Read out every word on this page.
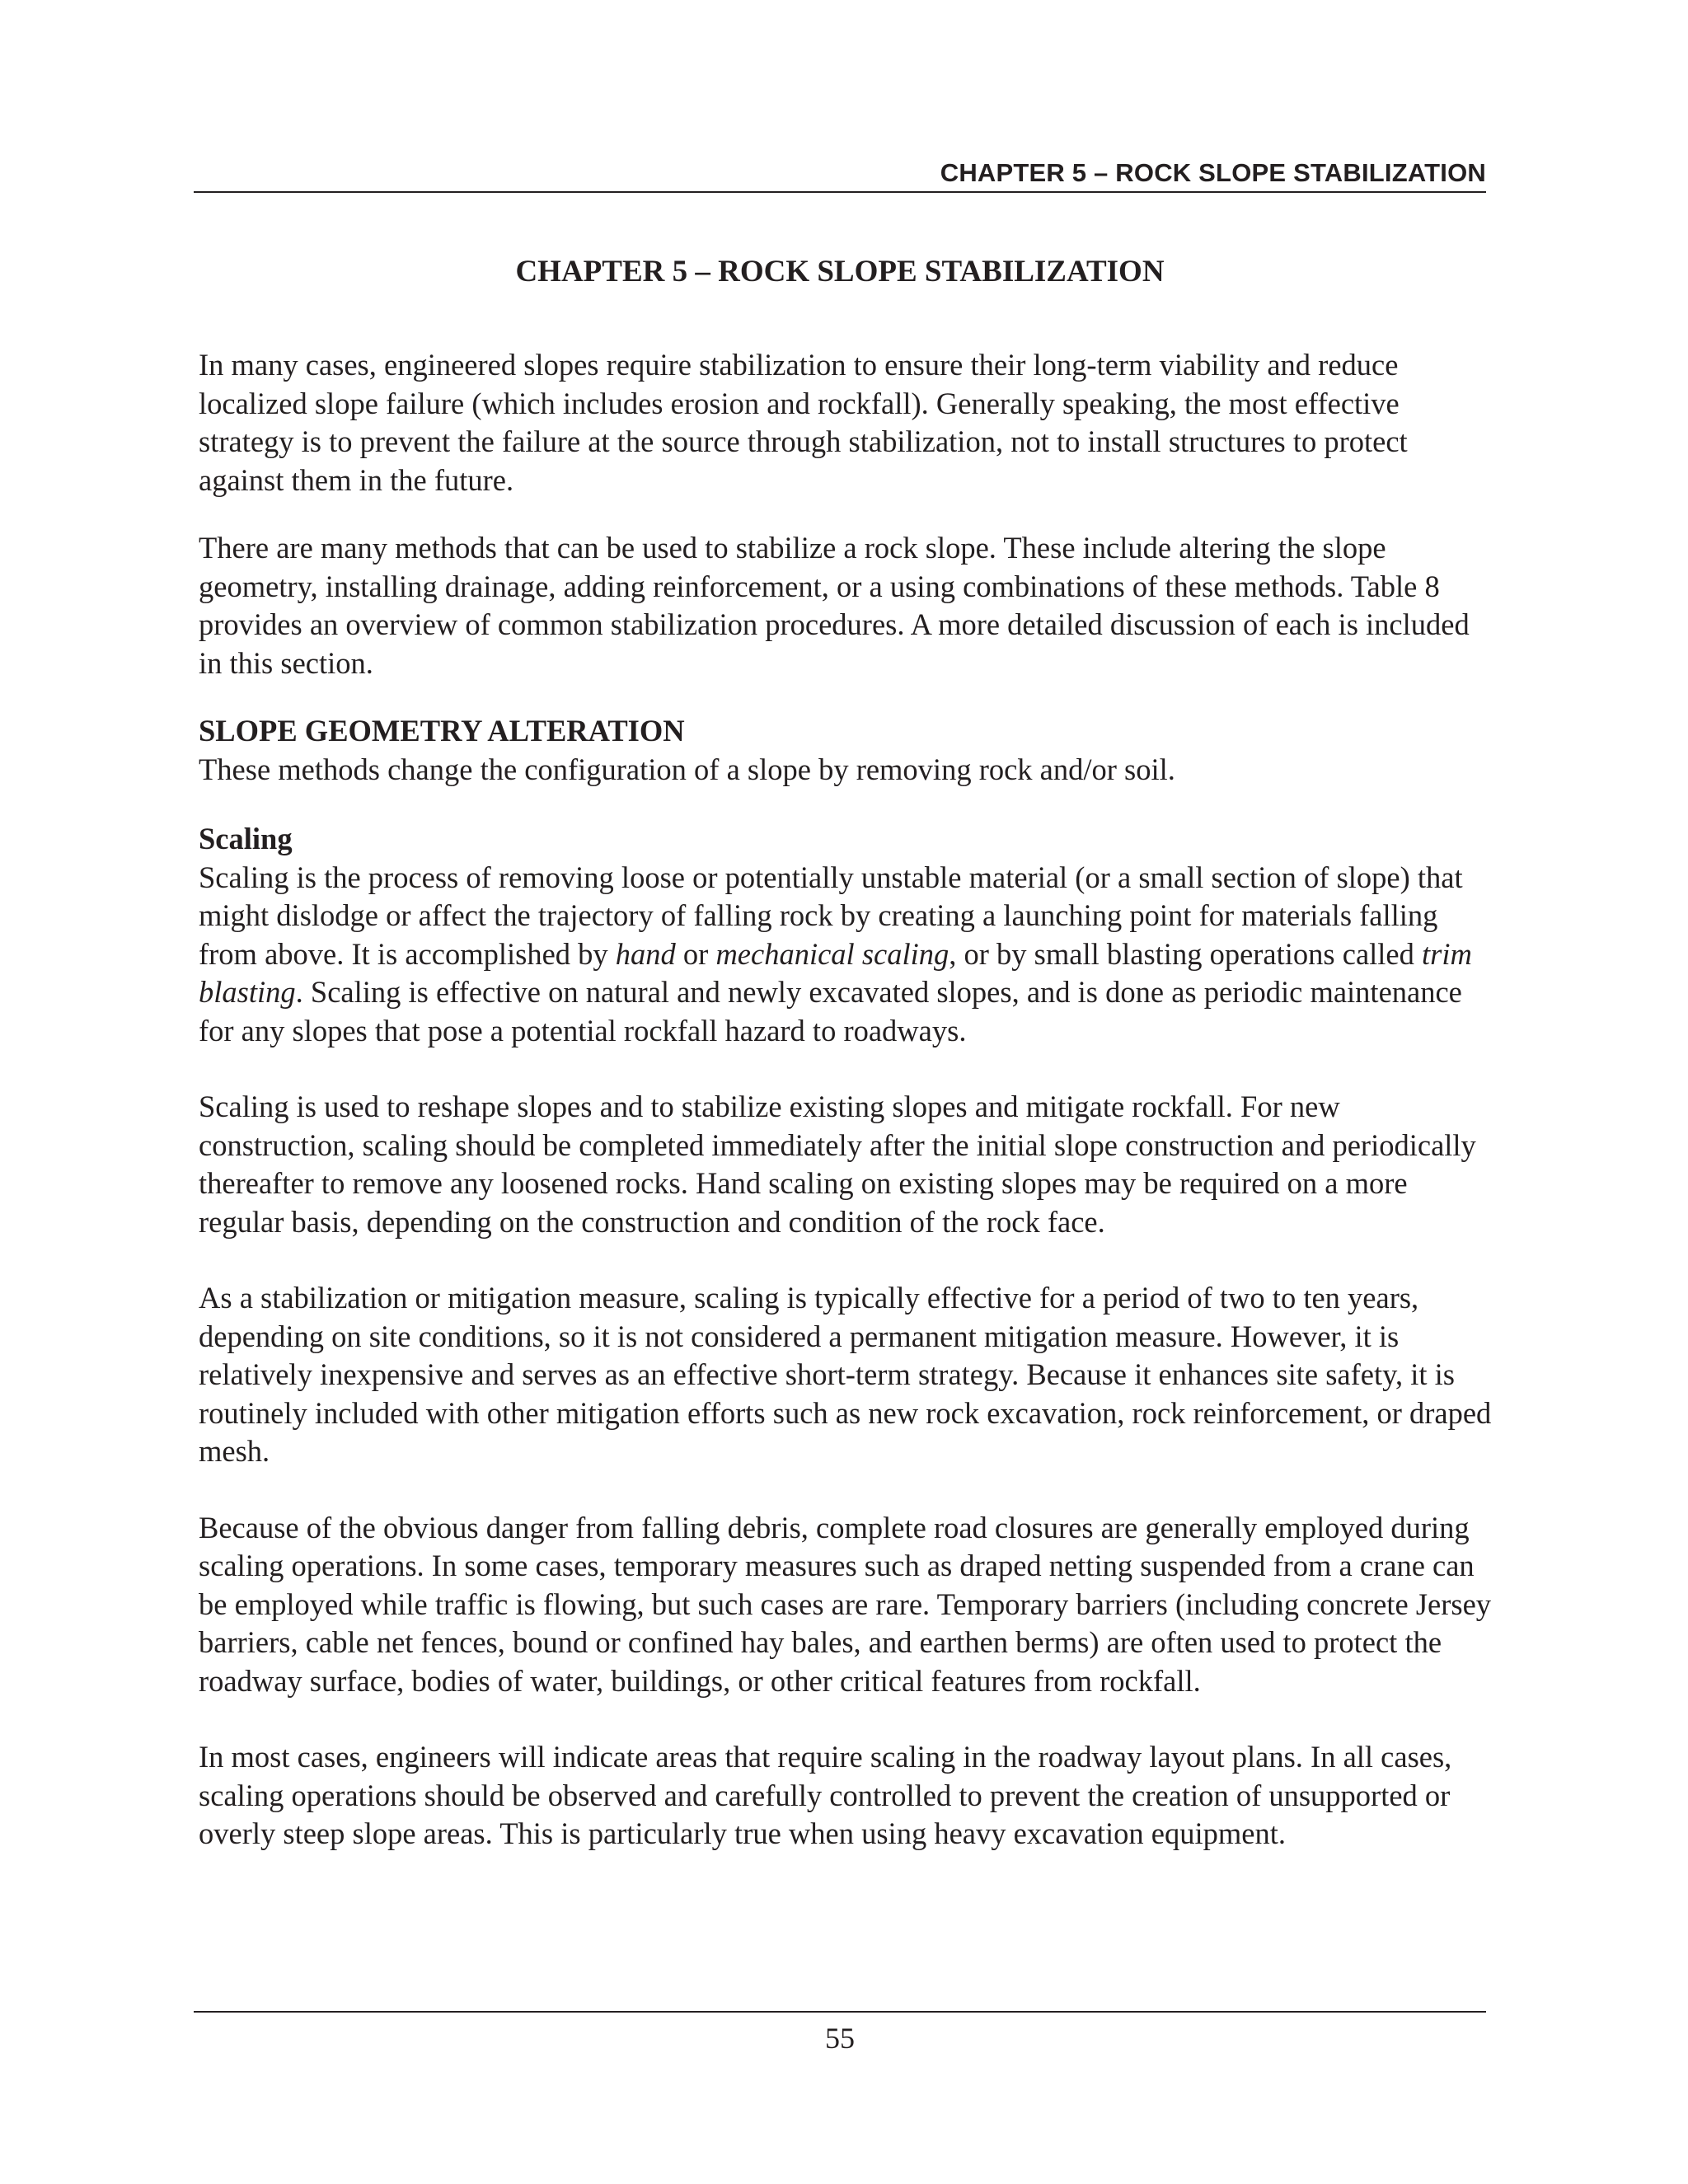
CHAPTER 5 – ROCK SLOPE STABILIZATION
CHAPTER 5 – ROCK SLOPE STABILIZATION

In many cases, engineered slopes require stabilization to ensure their long-term viability and reduce localized slope failure (which includes erosion and rockfall). Generally speaking, the most effective strategy is to prevent the failure at the source through stabilization, not to install structures to protect against them in the future.

There are many methods that can be used to stabilize a rock slope. These include altering the slope geometry, installing drainage, adding reinforcement, or a using combinations of these methods. Table 8 provides an overview of common stabilization procedures. A more detailed discussion of each is included in this section.

SLOPE GEOMETRY ALTERATION

These methods change the configuration of a slope by removing rock and/or soil.

Scaling

Scaling is the process of removing loose or potentially unstable material (or a small section of slope) that might dislodge or affect the trajectory of falling rock by creating a launching point for materials falling from above. It is accomplished by hand or mechanical scaling, or by small blasting operations called trim blasting. Scaling is effective on natural and newly excavated slopes, and is done as periodic maintenance for any slopes that pose a potential rockfall hazard to roadways.

Scaling is used to reshape slopes and to stabilize existing slopes and mitigate rockfall. For new construction, scaling should be completed immediately after the initial slope construction and periodically thereafter to remove any loosened rocks. Hand scaling on existing slopes may be required on a more regular basis, depending on the construction and condition of the rock face.

As a stabilization or mitigation measure, scaling is typically effective for a period of two to ten years, depending on site conditions, so it is not considered a permanent mitigation measure. However, it is relatively inexpensive and serves as an effective short-term strategy. Because it enhances site safety, it is routinely included with other mitigation efforts such as new rock excavation, rock reinforcement, or draped mesh.

Because of the obvious danger from falling debris, complete road closures are generally employed during scaling operations. In some cases, temporary measures such as draped netting suspended from a crane can be employed while traffic is flowing, but such cases are rare. Temporary barriers (including concrete Jersey barriers, cable net fences, bound or confined hay bales, and earthen berms) are often used to protect the roadway surface, bodies of water, buildings, or other critical features from rockfall.

In most cases, engineers will indicate areas that require scaling in the roadway layout plans. In all cases, scaling operations should be observed and carefully controlled to prevent the creation of unsupported or overly steep slope areas. This is particularly true when using heavy excavation equipment.

55
